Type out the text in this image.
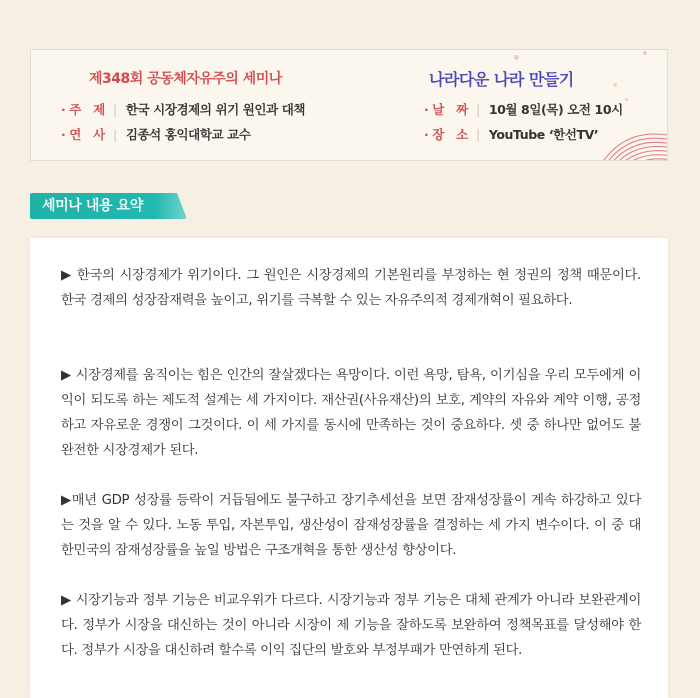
제348회 공동체자유주의 세미나	나라다운 나라 만들기
· 주　제 | 한국 시장경제의 위기 원인과 대책
· 연　사 | 김종석 홍익대학교 교수
· 날　짜 | 10월 8일(목) 오전 10시
· 장　소 | YouTube ‘한선TV’
세미나 내용 요약

▶ 한국의 시장경제가 위기이다. 그 원인은 시장경제의 기본원리를 부정하는 현 정권의 정책 때문이다. 한국 경제의 성장잠재력을 높이고, 위기를 극복할 수 있는 자유주의적 경제개혁이 필요하다.

▶ 시장경제를 움직이는 힘은 인간의 잘살겠다는 욕망이다. 이런 욕망, 탐욕, 이기심을 우리 모두에게 이익이 되도록 하는 제도적 설계는 세 가지이다. 재산권(사유재산)의 보호, 계약의 자유와 계약 이행, 공정하고 자유로운 경쟁이 그것이다. 이 세 가지를 동시에 만족하는 것이 중요하다. 셋 중 하나만 없어도 불완전한 시장경제가 된다.

▶매년 GDP 성장률 등락이 거듭됨에도 불구하고 장기추세선을 보면 잠재성장률이 계속 하강하고 있다는 것을 알 수 있다. 노동 투입, 자본투입, 생산성이 잠재성장률을 결정하는 세 가지 변수이다. 이 중 대한민국의 잠재성장률을 높일 방법은 구조개혁을 통한 생산성 향상이다.

▶ 시장기능과 정부 기능은 비교우위가 다르다. 시장기능과 정부 기능은 대체 관계가 아니라 보완관계이다. 정부가 시장을 대신하는 것이 아니라 시장이 제 기능을 잘하도록 보완하여 정책목표를 달성해야 한다. 정부가 시장을 대신하려 할수록 이익 집단의 발호와 부정부패가 만연하게 된다.
